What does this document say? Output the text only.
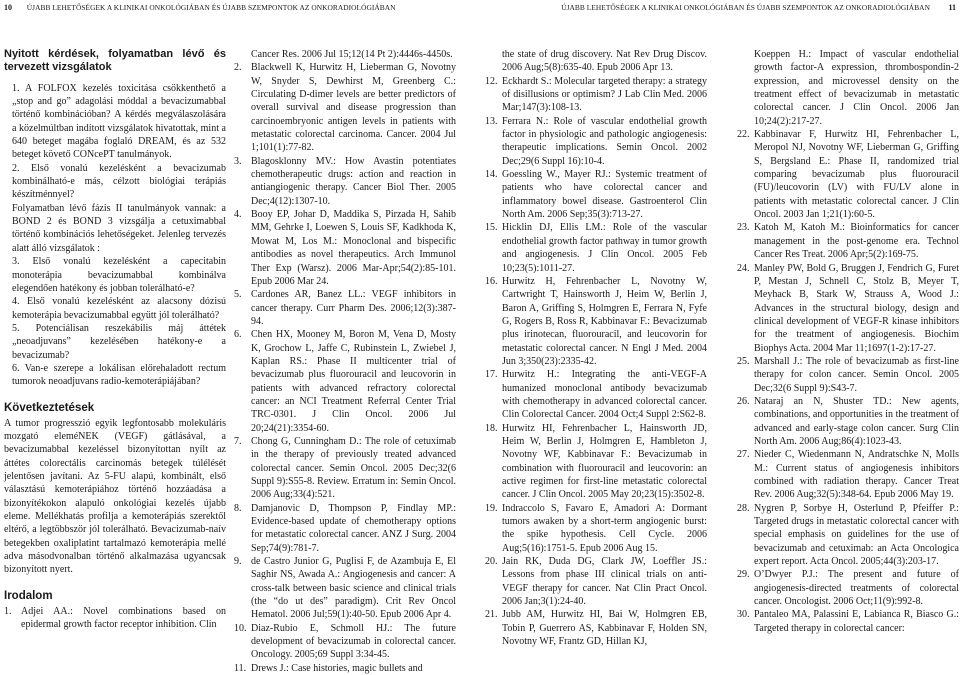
10 ÚJABB LEHETŐSÉGEK A KLINIKAI ONKOLÓGIÁBAN ÉS ÚJABB SZEMPONTOK AZ ONKORADIOLÓGIÁBAN	ÚJABB LEHETŐSÉGEK A KLINIKAI ONKOLÓGIÁBAN ÉS ÚJABB SZEMPONTOK AZ ONKORADIOLÓGIÁBAN 11
Nyitott kérdések, folyamatban lévő és tervezett vizsgálatok
1. A FOLFOX kezelés toxicitása csökkenthető a „stop and go” adagolási móddal a bevacizumabbal történő kombinációban? A kérdés megválaszolására a közelmúltban indított vizsgálatok hivatottak, mint a 640 beteget magába foglaló DREAM, és az 532 beteget követő CONcePT tanulmányok.
2. Első vonalú kezelésként a bevacizumab kombinálható-e más, célzott biológiai terápiás készítménnyel?
Folyamatban lévő fázis II tanulmányok vannak: a BOND 2 és BOND 3 vizsgálja a cetuximabbal történő kombinációs lehetőségeket. Jelenleg tervezés alatt álló vizsgálatok :
3. Első vonalú kezelésként a capecitabin monoterápia bevacizumabbal kombinálva elegendően hatékony és jobban tolerálható-e?
4. Első vonalú kezelésként az alacsony dózisú kemoterápia bevacizumabbal együtt jól tolerálható?
5. Potenciálisan reszekábilis máj áttétek „neoadjuvans” kezelésében hatékony-e a bevacizumab?
6. Van-e szerepe a lokálisan előrehaladott rectum tumorok neoadjuvans radio-kemoterápiájában?
Következtetések
A tumor progresszió egyik legfontosabb molekuláris mozgató eleméNEK (VEGF) gátlásával, a bevacizumabbal kezeléssel bizonyítottan nyílt az áttétes colorectális carcinomás betegek túlélését jelentősen javítani. Az 5-FU alapú, kombinált, első választású kemoterápiához történő hozzáadása a bizonyítékokon alapuló onkológiai kezelés újabb eleme. Mellékhatás profilja a kemoterápiás szerektől eltérő, a legtöbbször jól tolerálható. Bevacizumab-naív betegekben oxaliplatint tartalmazó kemoterápia mellé adva másodvonalban történő alkalmazása ugyancsak bizonyított nyert.
Irodalom
1. Adjei AA.: Novel combinations based on epidermal growth factor receptor inhibition. Clin
Cancer Res. 2006 Jul 15;12(14 Pt 2):4446s-4450s.
2. Blackwell K, Hurwitz H, Lieberman G, Novotny W, Snyder S, Dewhirst M, Greenberg C.: Circulating D-dimer levels are better predictors of overall survival and disease progression than carcinoembryonic antigen levels in patients with metastatic colorectal carcinoma. Cancer. 2004 Jul 1;101(1):77-82.
3. Blagosklonny MV.: How Avastin potentiates chemotherapeutic drugs: action and reaction in antiangiogenic therapy. Cancer Biol Ther. 2005 Dec;4(12):1307-10.
4. Booy EP, Johar D, Maddika S, Pirzada H, Sahib MM, Gehrke I, Loewen S, Louis SF, Kadkhoda K, Mowat M, Los M.: Monoclonal and bispecific antibodies as novel therapeutics. Arch Immunol Ther Exp (Warsz). 2006 Mar-Apr;54(2):85-101. Epub 2006 Mar 24.
5. Cardones AR, Banez LL.: VEGF inhibitors in cancer therapy. Curr Pharm Des. 2006;12(3):387-94.
6. Chen HX, Mooney M, Boron M, Vena D, Mosty K, Grochow L, Jaffe C, Rubinstein L, Zwiebel J, Kaplan RS.: Phase II multicenter trial of bevacizumab plus fluorouracil and leucovorin in patients with advanced refractory colorectal cancer: an NCI Treatment Referral Center Trial TRC-0301. J Clin Oncol. 2006 Jul 20;24(21):3354-60.
7. Chong G, Cunningham D.: The role of cetuximab in the therapy of previously treated advanced colorectal cancer. Semin Oncol. 2005 Dec;32(6 Suppl 9):S55-8. Review. Erratum in: Semin Oncol. 2006 Aug;33(4):521.
8. Damjanovic D, Thompson P, Findlay MP.: Evidence-based update of chemotherapy options for metastatic colorectal cancer. ANZ J Surg. 2004 Sep;74(9):781-7.
9. de Castro Junior G, Puglisi F, de Azambuja E, El Saghir NS, Awada A.: Angiogenesis and cancer: A cross-talk between basic science and clinical trials (the “do ut des” paradigm). Crit Rev Oncol Hematol. 2006 Jul;59(1):40-50. Epub 2006 Apr 4.
10. Diaz-Rubio E, Schmoll HJ.: The future development of bevacizumab in colorectal cancer. Oncology. 2005;69 Suppl 3:34-45.
11. Drews J.: Case histories, magic bullets and
the state of drug discovery. Nat Rev Drug Discov. 2006 Aug;5(8):635-40. Epub 2006 Apr 13.
12. Eckhardt S.: Molecular targeted therapy: a strategy of disillusions or optimism? J Lab Clin Med. 2006 Mar;147(3):108-13.
13. Ferrara N.: Role of vascular endothelial growth factor in physiologic and pathologic angiogenesis: therapeutic implications. Semin Oncol. 2002 Dec;29(6 Suppl 16):10-4.
14. Goessling W., Mayer RJ.: Systemic treatment of patients who have colorectal cancer and inflammatory bowel disease. Gastroenterol Clin North Am. 2006 Sep;35(3):713-27.
15. Hicklin DJ, Ellis LM.: Role of the vascular endothelial growth factor pathway in tumor growth and angiogenesis. J Clin Oncol. 2005 Feb 10;23(5):1011-27.
16. Hurwitz H, Fehrenbacher L, Novotny W, Cartwright T, Hainsworth J, Heim W, Berlin J, Baron A, Griffing S, Holmgren E, Ferrara N, Fyfe G, Rogers B, Ross R, Kabbinavar F.: Bevacizumab plus irinotecan, fluorouracil, and leucovorin for metastatic colorectal cancer. N Engl J Med. 2004 Jun 3;350(23):2335-42.
17. Hurwitz H.: Integrating the anti-VEGF-A humanized monoclonal antibody bevacizumab with chemotherapy in advanced colorectal cancer. Clin Colorectal Cancer. 2004 Oct;4 Suppl 2:S62-8.
18. Hurwitz HI, Fehrenbacher L, Hainsworth JD, Heim W, Berlin J, Holmgren E, Hambleton J, Novotny WF, Kabbinavar F.: Bevacizumab in combination with fluorouracil and leucovorin: an active regimen for first-line metastatic colorectal cancer. J Clin Oncol. 2005 May 20;23(15):3502-8.
19. Indraccolo S, Favaro E, Amadori A: Dormant tumors awaken by a short-term angiogenic burst: the spike hypothesis. Cell Cycle. 2006 Aug;5(16):1751-5. Epub 2006 Aug 15.
20. Jain RK, Duda DG, Clark JW, Loeffler JS.: Lessons from phase III clinical trials on anti-VEGF therapy for cancer. Nat Clin Pract Oncol. 2006 Jan;3(1):24-40.
21. Jubb AM, Hurwitz HI, Bai W, Holmgren EB, Tobin P, Guerrero AS, Kabbinavar F, Holden SN, Novotny WF, Frantz GD, Hillan KJ,
Koeppen H.: Impact of vascular endothelial growth factor-A expression, thrombospondin-2 expression, and microvessel density on the treatment effect of bevacizumab in metastatic colorectal cancer. J Clin Oncol. 2006 Jan 10;24(2):217-27.
22. Kabbinavar F, Hurwitz HI, Fehrenbacher L, Meropol NJ, Novotny WF, Lieberman G, Griffing S, Bergsland E.: Phase II, randomized trial comparing bevacizumab plus fluorouracil (FU)/leucovorin (LV) with FU/LV alone in patients with metastatic colorectal cancer. J Clin Oncol. 2003 Jan 1;21(1):60-5.
23. Katoh M, Katoh M.: Bioinformatics for cancer management in the post-genome era. Technol Cancer Res Treat. 2006 Apr;5(2):169-75.
24. Manley PW, Bold G, Bruggen J, Fendrich G, Furet P, Mestan J, Schnell C, Stolz B, Meyer T, Meyhack B, Stark W, Strauss A, Wood J.: Advances in the structural biology, design and clinical development of VEGF-R kinase inhibitors for the treatment of angiogenesis. Biochim Biophys Acta. 2004 Mar 11;1697(1-2):17-27.
25. Marshall J.: The role of bevacizumab as first-line therapy for colon cancer. Semin Oncol. 2005 Dec;32(6 Suppl 9):S43-7.
26. Nataraj an N, Shuster TD.: New agents, combinations, and opportunities in the treatment of advanced and early-stage colon cancer. Surg Clin North Am. 2006 Aug;86(4):1023-43.
27. Nieder C, Wiedenmann N, Andratschke N, Molls M.: Current status of angiogenesis inhibitors combined with radiation therapy. Cancer Treat Rev. 2006 Aug;32(5):348-64. Epub 2006 May 19.
28. Nygren P, Sorbye H, Osterlund P, Pfeiffer P.: Targeted drugs in metastatic colorectal cancer with special emphasis on guidelines for the use of bevacizumab and cetuximab: an Acta Oncologica expert report. Acta Oncol. 2005;44(3):203-17.
29. O’Dwyer P.J.: The present and future of angiogenesis-directed treatments of colorectal cancer. Oncologist. 2006 Oct;11(9):992-8.
30. Pantaleo MA, Palassini E, Labianca R, Biasco G.: Targeted therapy in colorectal cancer:
